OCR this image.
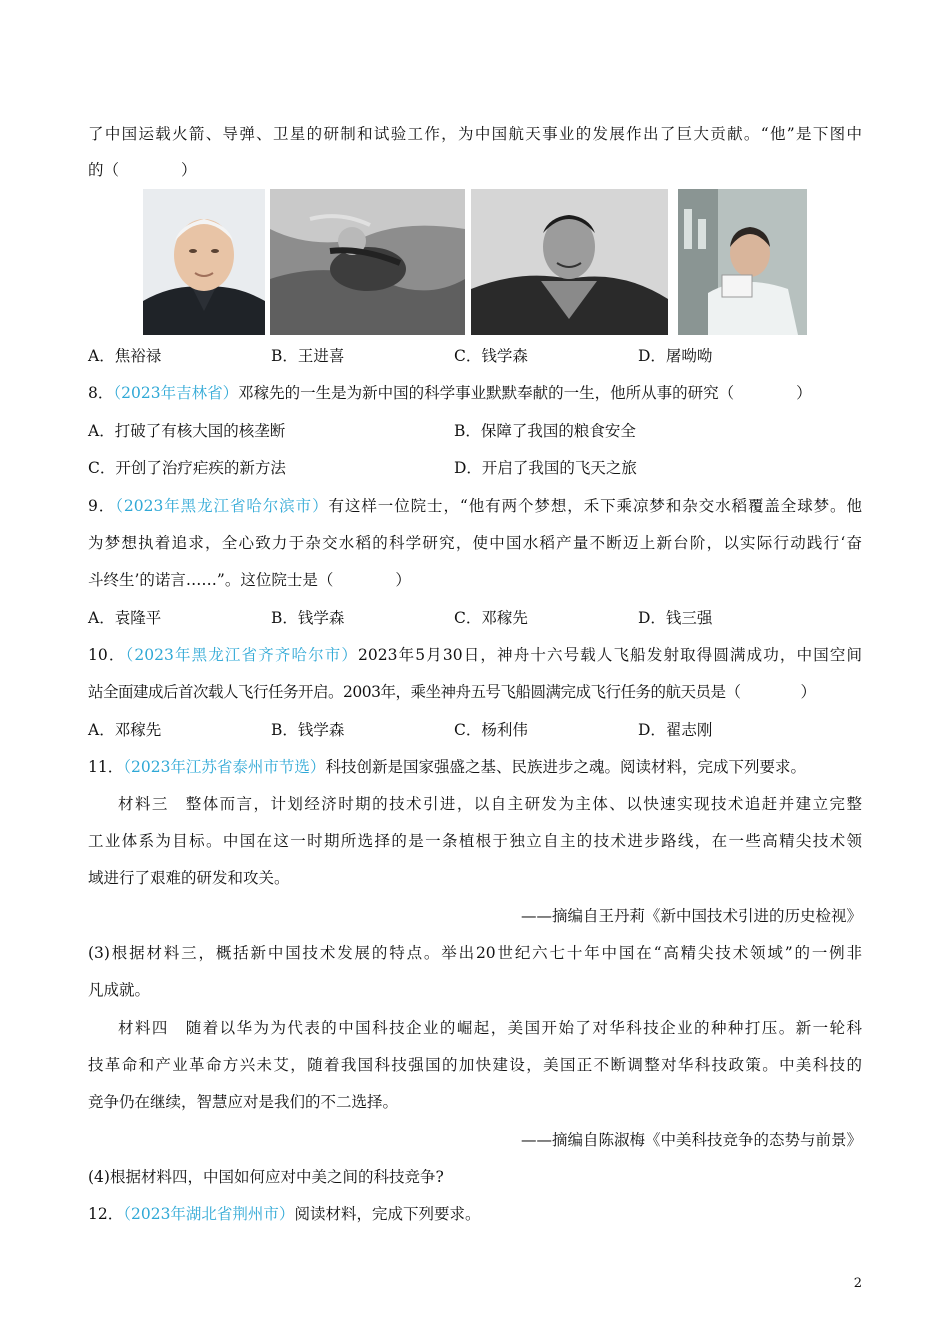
了中国运载火箭、导弹、卫星的研制和试验工作，为中国航天事业的发展作出了巨大贡献。“他”是下图中
的（　　　　）
A．焦裕禄	B．王进喜	C．钱学森	D．屠呦呦
8．（2023年吉林省）邓稼先的一生是为新中国的科学事业默默奉献的一生，他所从事的研究（　　　　）
A．打破了有核大国的核垄断	B．保障了我国的粮食安全
C．开创了治疗疟疾的新方法	D．开启了我国的飞天之旅
9．（2023年黑龙江省哈尔滨市）有这样一位院士，“他有两个梦想，禾下乘凉梦和杂交水稻覆盖全球梦。他
为梦想执着追求，全心致力于杂交水稻的科学研究，使中国水稻产量不断迈上新台阶，以实际行动践行‘奋
斗终生’的诺言……”。这位院士是（　　　　）
A．袁隆平	B．钱学森	C．邓稼先	D．钱三强
10．（2023年黑龙江省齐齐哈尔市）2023年5月30日，神舟十六号载人飞船发射取得圆满成功，中国空间
站全面建成后首次载人飞行任务开启。2003年，乘坐神舟五号飞船圆满完成飞行任务的航天员是（　　　　）
A．邓稼先	B．钱学森	C．杨利伟	D．翟志刚
11．（2023年江苏省泰州市节选）科技创新是国家强盛之基、民族进步之魂。阅读材料，完成下列要求。
材料三　整体而言，计划经济时期的技术引进，以自主研发为主体、以快速实现技术追赶并建立完整
工业体系为目标。中国在这一时期所选择的是一条植根于独立自主的技术进步路线，在一些高精尖技术领
域进行了艰难的研发和攻关。
——摘编自王丹莉《新中国技术引进的历史检视》
(3)根据材料三，概括新中国技术发展的特点。举出20世纪六七十年中国在“高精尖技术领域”的一例非
凡成就。
材料四　随着以华为为代表的中国科技企业的崛起，美国开始了对华科技企业的种种打压。新一轮科
技革命和产业革命方兴未艾，随着我国科技强国的加快建设，美国正不断调整对华科技政策。中美科技的
竞争仍在继续，智慧应对是我们的不二选择。
——摘编自陈淑梅《中美科技竞争的态势与前景》
(4)根据材料四，中国如何应对中美之间的科技竞争?
12．（2023年湖北省荆州市）阅读材料，完成下列要求。
2
